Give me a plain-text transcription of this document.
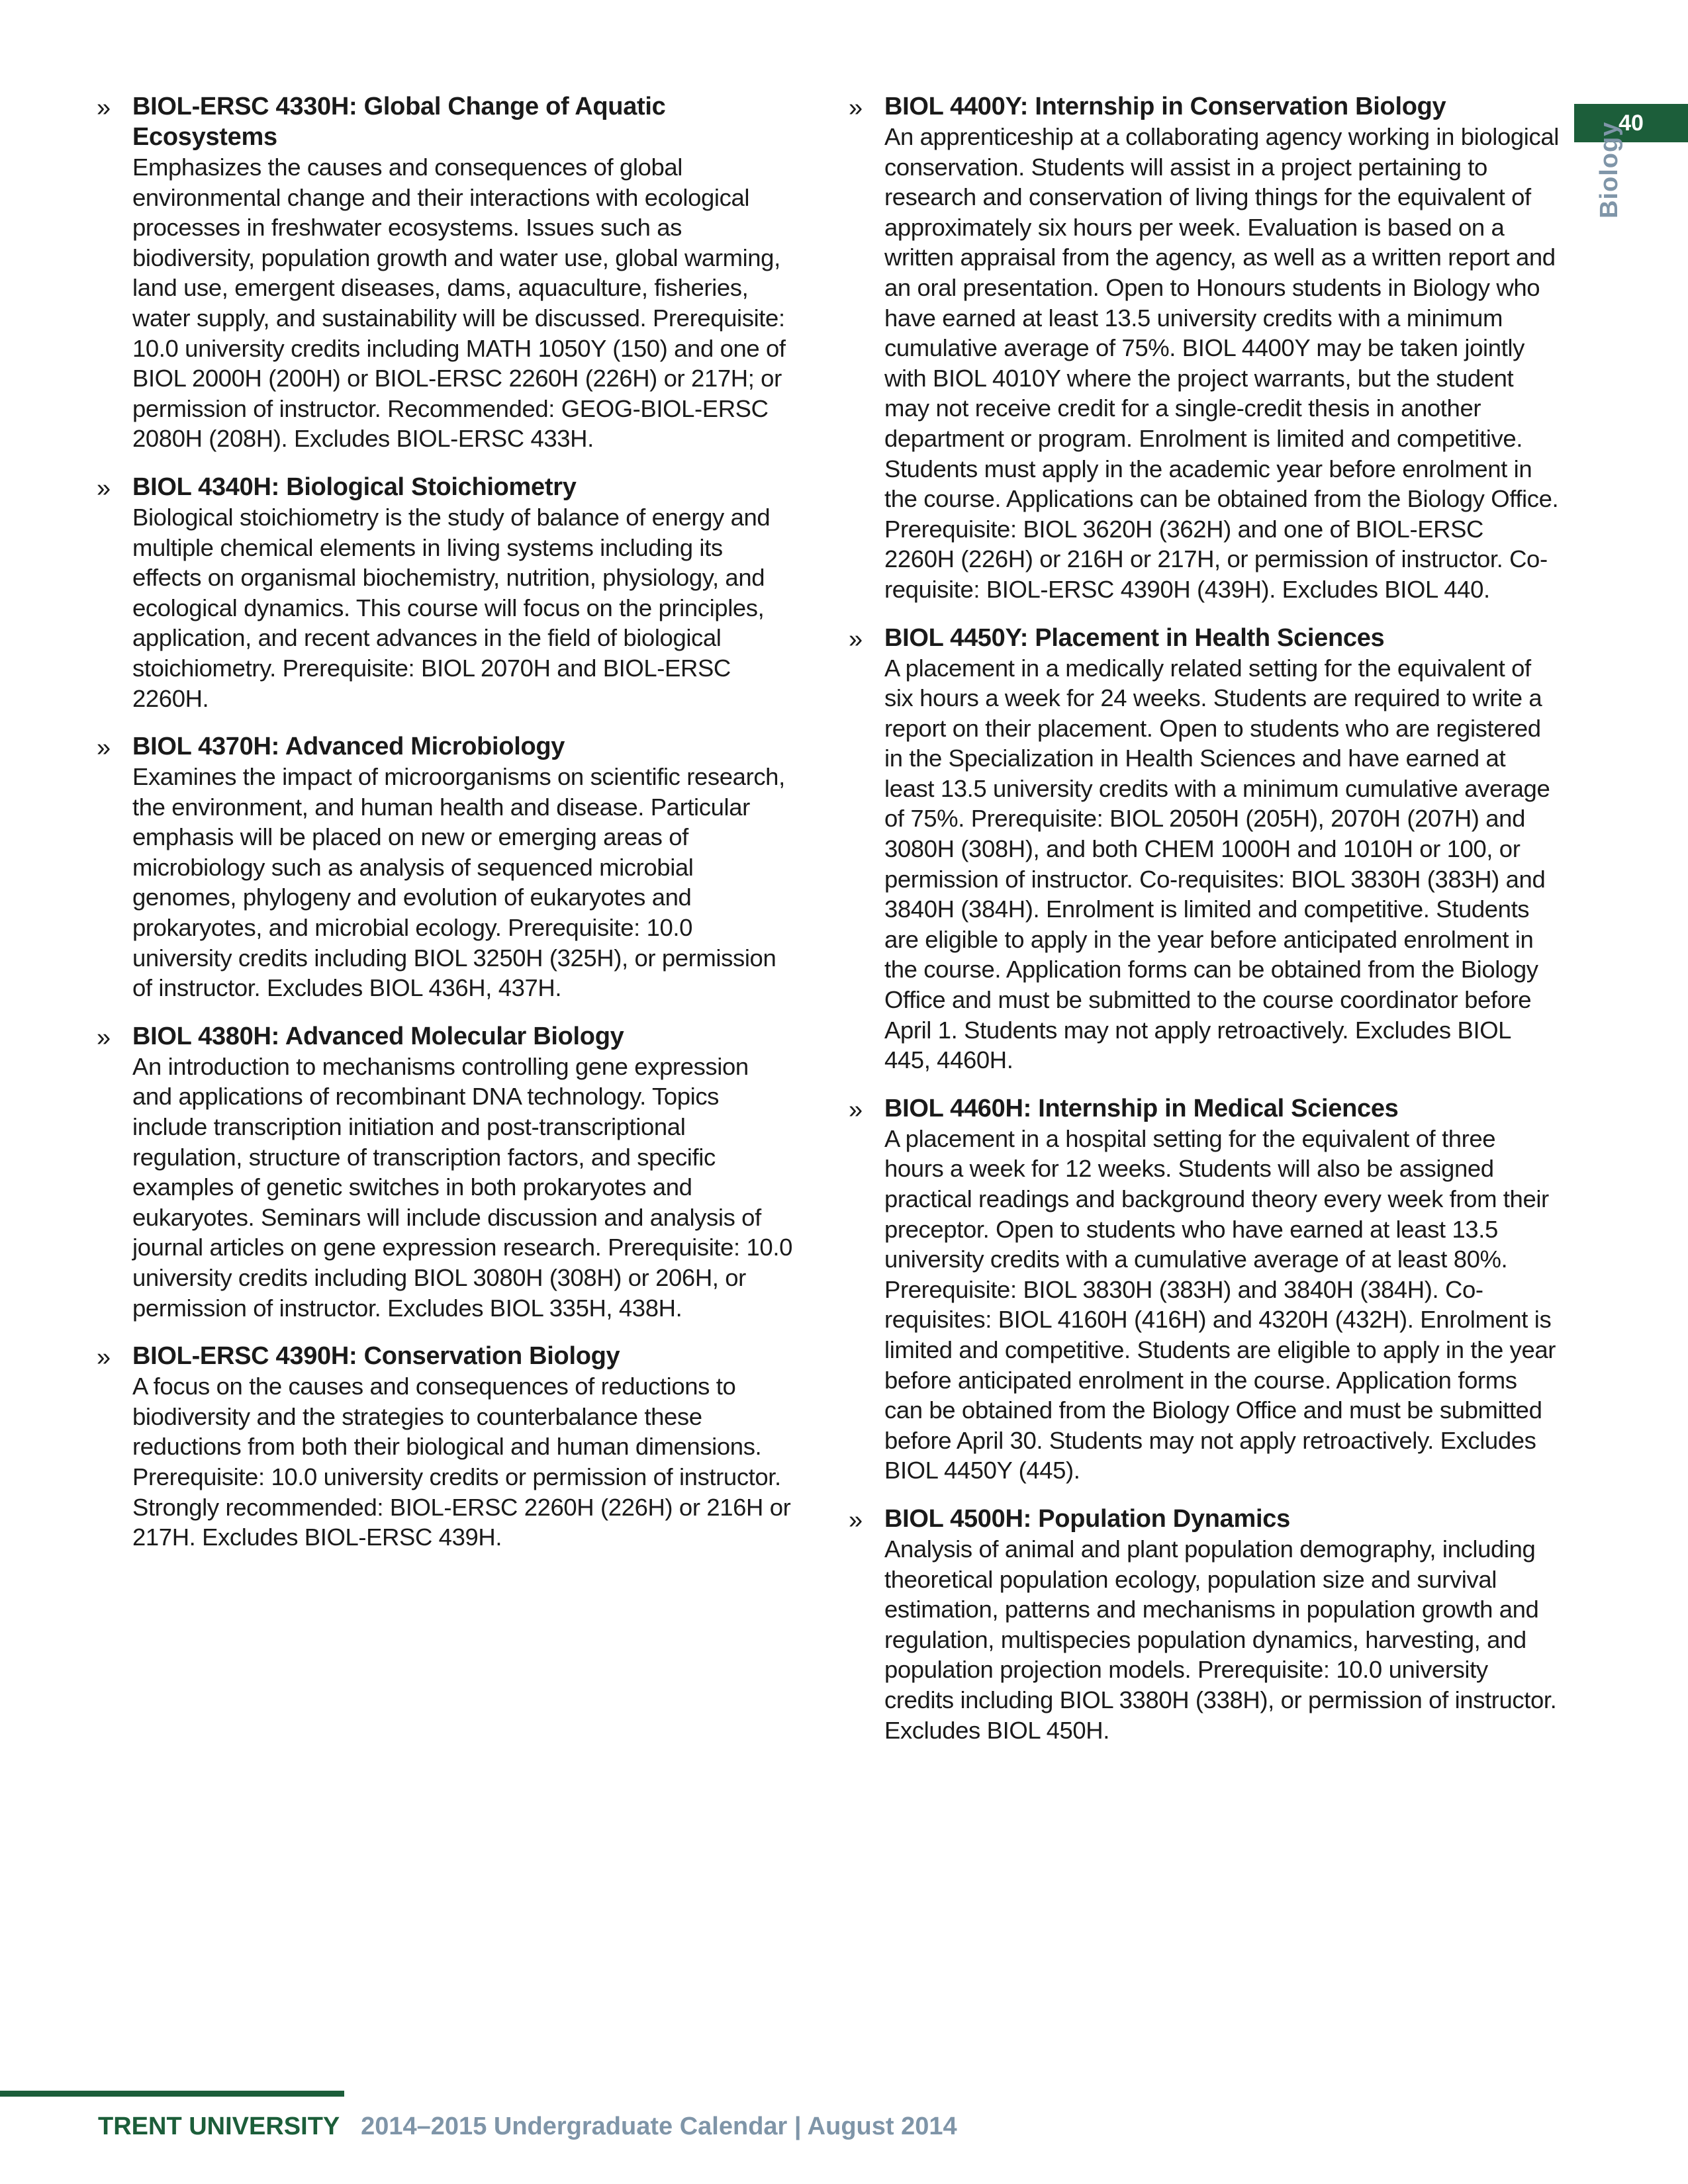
40
Biology
» BIOL-ERSC 4330H: Global Change of Aquatic Ecosystems

Emphasizes the causes and consequences of global environmental change and their interactions with ecological processes in freshwater ecosystems. Issues such as biodiversity, population growth and water use, global warming, land use, emergent diseases, dams, aquaculture, fisheries, water supply, and sustainability will be discussed. Prerequisite: 10.0 university credits including MATH 1050Y (150) and one of BIOL 2000H (200H) or BIOL-ERSC 2260H (226H) or 217H; or permission of instructor. Recommended: GEOG-BIOL-ERSC 2080H (208H). Excludes BIOL-ERSC 433H.

» BIOL 4340H: Biological Stoichiometry

Biological stoichiometry is the study of balance of energy and multiple chemical elements in living systems including its effects on organismal biochemistry, nutrition, physiology, and ecological dynamics. This course will focus on the principles, application, and recent advances in the field of biological stoichiometry. Prerequisite: BIOL 2070H and BIOL-ERSC 2260H.

» BIOL 4370H: Advanced Microbiology

Examines the impact of microorganisms on scientific research, the environment, and human health and disease. Particular emphasis will be placed on new or emerging areas of microbiology such as analysis of sequenced microbial genomes, phylogeny and evolution of eukaryotes and prokaryotes, and microbial ecology. Prerequisite: 10.0 university credits including BIOL 3250H (325H), or permission of instructor. Excludes BIOL 436H, 437H.

» BIOL 4380H: Advanced Molecular Biology

An introduction to mechanisms controlling gene expression and applications of recombinant DNA technology. Topics include transcription initiation and post-transcriptional regulation, structure of transcription factors, and specific examples of genetic switches in both prokaryotes and eukaryotes. Seminars will include discussion and analysis of journal articles on gene expression research. Prerequisite: 10.0 university credits including BIOL 3080H (308H) or 206H, or permission of instructor. Excludes BIOL 335H, 438H.

» BIOL-ERSC 4390H: Conservation Biology

A focus on the causes and consequences of reductions to biodiversity and the strategies to counterbalance these reductions from both their biological and human dimensions. Prerequisite: 10.0 university credits or permission of instructor. Strongly recommended: BIOL-ERSC 2260H (226H) or 216H or 217H. Excludes BIOL-ERSC 439H.

» BIOL 4400Y: Internship in Conservation Biology

An apprenticeship at a collaborating agency working in biological conservation. Students will assist in a project pertaining to research and conservation of living things for the equivalent of approximately six hours per week. Evaluation is based on a written appraisal from the agency, as well as a written report and an oral presentation. Open to Honours students in Biology who have earned at least 13.5 university credits with a minimum cumulative average of 75%. BIOL 4400Y may be taken jointly with BIOL 4010Y where the project warrants, but the student may not receive credit for a single-credit thesis in another department or program. Enrolment is limited and competitive. Students must apply in the academic year before enrolment in the course. Applications can be obtained from the Biology Office. Prerequisite: BIOL 3620H (362H) and one of BIOL-ERSC 2260H (226H) or 216H or 217H, or permission of instructor. Co-requisite: BIOL-ERSC 4390H (439H). Excludes BIOL 440.

» BIOL 4450Y: Placement in Health Sciences

A placement in a medically related setting for the equivalent of six hours a week for 24 weeks. Students are required to write a report on their placement. Open to students who are registered in the Specialization in Health Sciences and have earned at least 13.5 university credits with a minimum cumulative average of 75%. Prerequisite: BIOL 2050H (205H), 2070H (207H) and 3080H (308H), and both CHEM 1000H and 1010H or 100, or permission of instructor. Co-requisites: BIOL 3830H (383H) and 3840H (384H). Enrolment is limited and competitive. Students are eligible to apply in the year before anticipated enrolment in the course. Application forms can be obtained from the Biology Office and must be submitted to the course coordinator before April 1. Students may not apply retroactively. Excludes BIOL 445, 4460H.

» BIOL 4460H: Internship in Medical Sciences

A placement in a hospital setting for the equivalent of three hours a week for 12 weeks. Students will also be assigned practical readings and background theory every week from their preceptor. Open to students who have earned at least 13.5 university credits with a cumulative average of at least 80%. Prerequisite: BIOL 3830H (383H) and 3840H (384H). Co-requisites: BIOL 4160H (416H) and 4320H (432H). Enrolment is limited and competitive. Students are eligible to apply in the year before anticipated enrolment in the course. Application forms can be obtained from the Biology Office and must be submitted before April 30. Students may not apply retroactively. Excludes BIOL 4450Y (445).

» BIOL 4500H: Population Dynamics

Analysis of animal and plant population demography, including theoretical population ecology, population size and survival estimation, patterns and mechanisms in population growth and regulation, multispecies population dynamics, harvesting, and population projection models. Prerequisite: 10.0 university credits including BIOL 3380H (338H), or permission of instructor. Excludes BIOL 450H.

TRENT UNIVERSITY 2014–2015 Undergraduate Calendar | August 2014
